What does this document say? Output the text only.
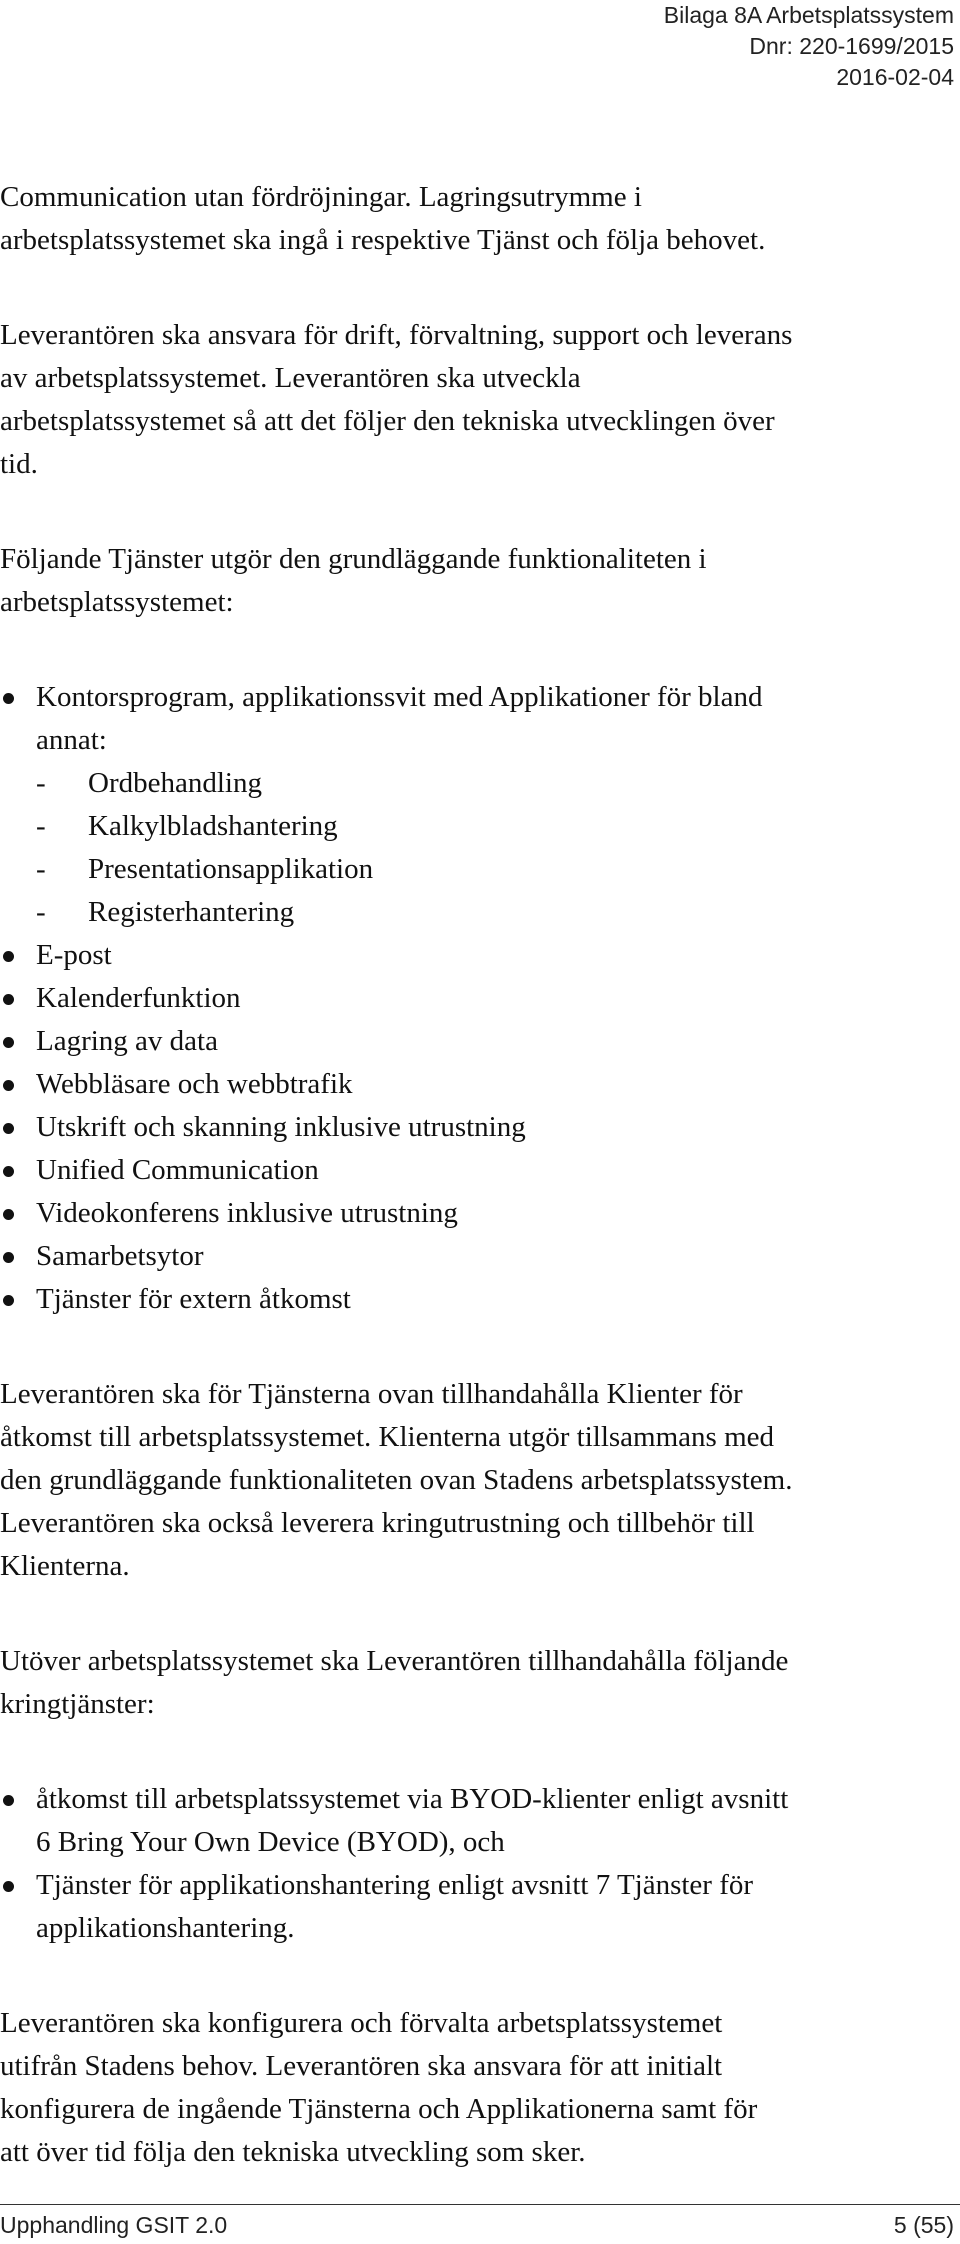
Bilaga 8A Arbetsplatssystem
Dnr: 220-1699/2015
2016-02-04

Communication utan fördröjningar. Lagringsutrymme i
arbetsplatssystemet ska ingå i respektive Tjänst och följa behovet.

Leverantören ska ansvara för drift, förvaltning, support och leverans
av arbetsplatssystemet. Leverantören ska utveckla
arbetsplatssystemet så att det följer den tekniska utvecklingen över
tid.

Följande Tjänster utgör den grundläggande funktionaliteten i
arbetsplatssystemet:

Kontorsprogram, applikationssvit med Applikationer för bland
annat:
- Ordbehandling
- Kalkylbladshantering
- Presentationsapplikation
- Registerhantering
E-post
Kalenderfunktion
Lagring av data
Webbläsare och webbtrafik
Utskrift och skanning inklusive utrustning
Unified Communication
Videokonferens inklusive utrustning
Samarbetsytor
Tjänster för extern åtkomst

Leverantören ska för Tjänsterna ovan tillhandahålla Klienter för
åtkomst till arbetsplatssystemet. Klienterna utgör tillsammans med
den grundläggande funktionaliteten ovan Stadens arbetsplatssystem.
Leverantören ska också leverera kringutrustning och tillbehör till
Klienterna.

Utöver arbetsplatssystemet ska Leverantören tillhandahålla följande
kringtjänster:

åtkomst till arbetsplatssystemet via BYOD-klienter enligt avsnitt
6 Bring Your Own Device (BYOD), och
Tjänster för applikationshantering enligt avsnitt 7 Tjänster för
applikationshantering.

Leverantören ska konfigurera och förvalta arbetsplatssystemet
utifrån Stadens behov. Leverantören ska ansvara för att initialt
konfigurera de ingående Tjänsterna och Applikationerna samt för
att över tid följa den tekniska utveckling som sker.

Upphandling GSIT 2.0	5 (55)
